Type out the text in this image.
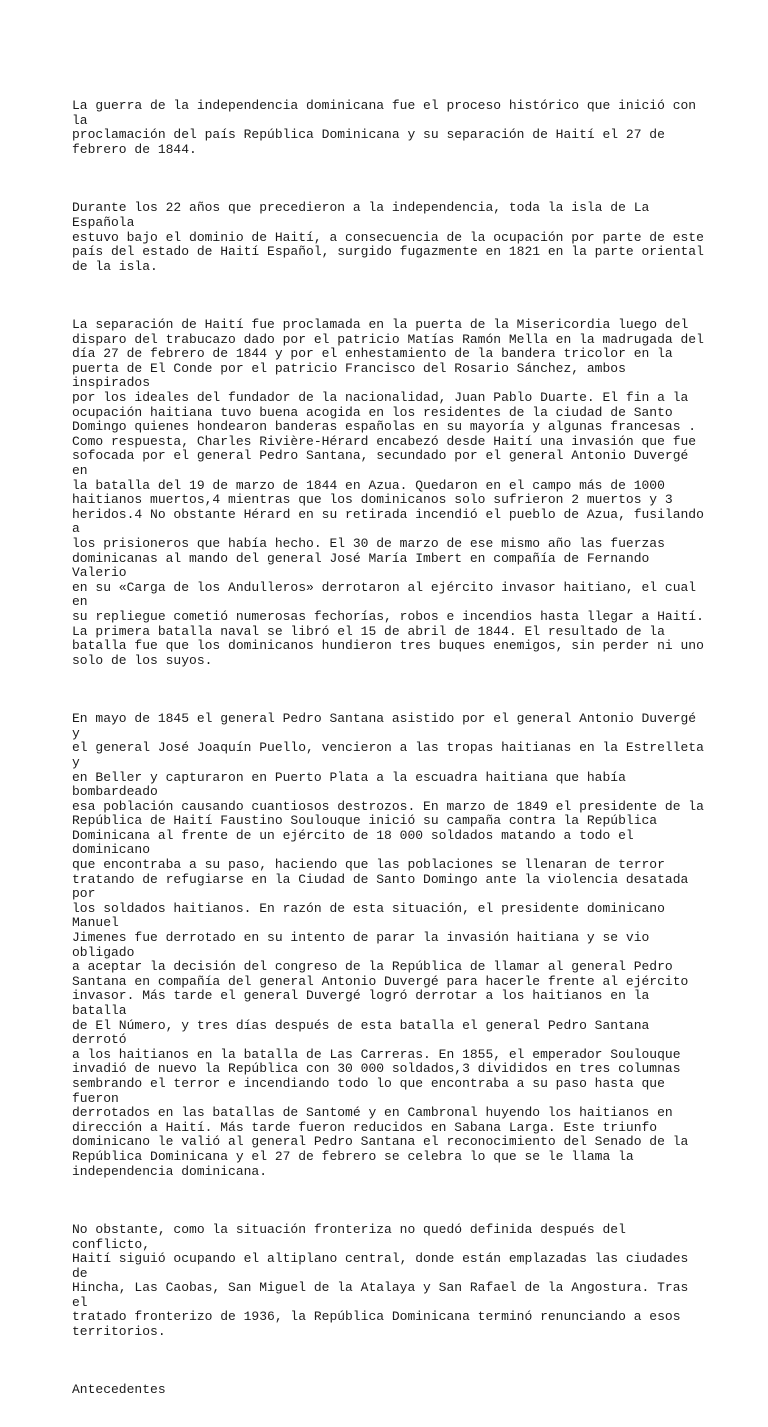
La guerra de la independencia dominicana fue el proceso histórico que inició con la
proclamación del país República Dominicana y su separación de Haití el 27 de
febrero de 1844.

Durante los 22 años que precedieron a la independencia, toda la isla de La Española
estuvo bajo el dominio de Haití, a consecuencia de la ocupación por parte de este
país del estado de Haití Español, surgido fugazmente en 1821 en la parte oriental
de la isla.

La separación de Haití fue proclamada en la puerta de la Misericordia luego del
disparo del trabucazo dado por el patricio Matías Ramón Mella en la madrugada del
día 27 de febrero de 1844 y por el enhestamiento de la bandera tricolor en la
puerta de El Conde por el patricio Francisco del Rosario Sánchez, ambos inspirados
por los ideales del fundador de la nacionalidad, Juan Pablo Duarte. El fin a la
ocupación haitiana tuvo buena acogida en los residentes de la ciudad de Santo
Domingo quienes hondearon banderas españolas en su mayoría y algunas francesas .
Como respuesta, Charles Rivière-Hérard encabezó desde Haití una invasión que fue
sofocada por el general Pedro Santana, secundado por el general Antonio Duvergé en
la batalla del 19 de marzo de 1844 en Azua. Quedaron en el campo más de 1000
haitianos muertos,4 mientras que los dominicanos solo sufrieron 2 muertos y 3
heridos.4 No obstante Hérard en su retirada incendió el pueblo de Azua, fusilando a
los prisioneros que había hecho. El 30 de marzo de ese mismo año las fuerzas
dominicanas al mando del general José María Imbert en compañía de Fernando Valerio
en su «Carga de los Andulleros» derrotaron al ejército invasor haitiano, el cual en
su repliegue cometió numerosas fechorías, robos e incendios hasta llegar a Haití.
La primera batalla naval se libró el 15 de abril de 1844. El resultado de la
batalla fue que los dominicanos hundieron tres buques enemigos, sin perder ni uno
solo de los suyos.

En mayo de 1845 el general Pedro Santana asistido por el general Antonio Duvergé y
el general José Joaquín Puello, vencieron a las tropas haitianas en la Estrelleta y
en Beller y capturaron en Puerto Plata a la escuadra haitiana que había bombardeado
esa población causando cuantiosos destrozos. En marzo de 1849 el presidente de la
República de Haití Faustino Soulouque inició su campaña contra la República
Dominicana al frente de un ejército de 18 000 soldados matando a todo el dominicano
que encontraba a su paso, haciendo que las poblaciones se llenaran de terror
tratando de refugiarse en la Ciudad de Santo Domingo ante la violencia desatada por
los soldados haitianos. En razón de esta situación, el presidente dominicano Manuel
Jimenes fue derrotado en su intento de parar la invasión haitiana y se vio obligado
a aceptar la decisión del congreso de la República de llamar al general Pedro
Santana en compañía del general Antonio Duvergé para hacerle frente al ejército
invasor. Más tarde el general Duvergé logró derrotar a los haitianos en la batalla
de El Número, y tres días después de esta batalla el general Pedro Santana derrotó
a los haitianos en la batalla de Las Carreras. En 1855, el emperador Soulouque
invadió de nuevo la República con 30 000 soldados,3 divididos en tres columnas
sembrando el terror e incendiando todo lo que encontraba a su paso hasta que fueron
derrotados en las batallas de Santomé y en Cambronal huyendo los haitianos en
dirección a Haití. Más tarde fueron reducidos en Sabana Larga. Este triunfo
dominicano le valió al general Pedro Santana el reconocimiento del Senado de la
República Dominicana y el 27 de febrero se celebra lo que se le llama la
independencia dominicana.

No obstante, como la situación fronteriza no quedó definida después del conflicto,
Haití siguió ocupando el altiplano central, donde están emplazadas las ciudades de
Hincha, Las Caobas, San Miguel de la Atalaya y San Rafael de la Angostura. Tras el
tratado fronterizo de 1936, la República Dominicana terminó renunciando a esos
territorios.

Antecedentes
